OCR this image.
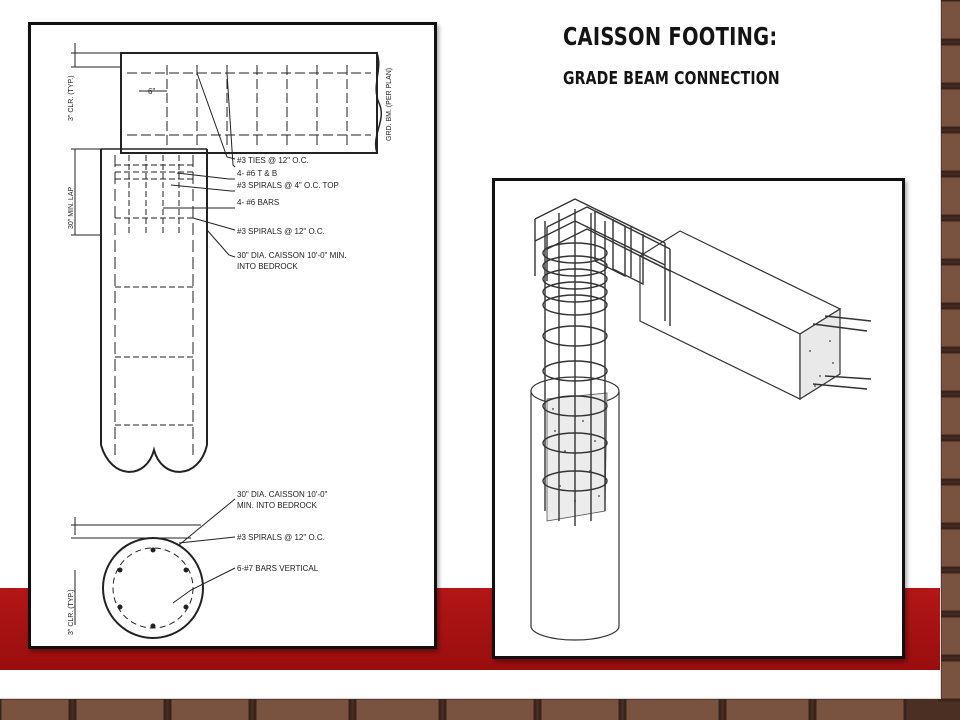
CAISSON FOOTING:
GRADE BEAM CONNECTION
3" CLR. (TYP.)
30" MIN. LAP
GRD. BM. (PER PLAN)
3" CLR. (TYP.)
6"
#3 TIES @ 12" O.C.
4- #6 T & B
#3 SPIRALS @ 4" O.C. TOP
4- #6 BARS
#3 SPIRALS @ 12" O.C.
30" DIA. CAISSON 10'-0" MIN.
INTO BEDROCK
30" DIA. CAISSON 10'-0"
MIN. INTO BEDROCK
#3 SPIRALS @ 12" O.C.
6-#7 BARS VERTICAL
